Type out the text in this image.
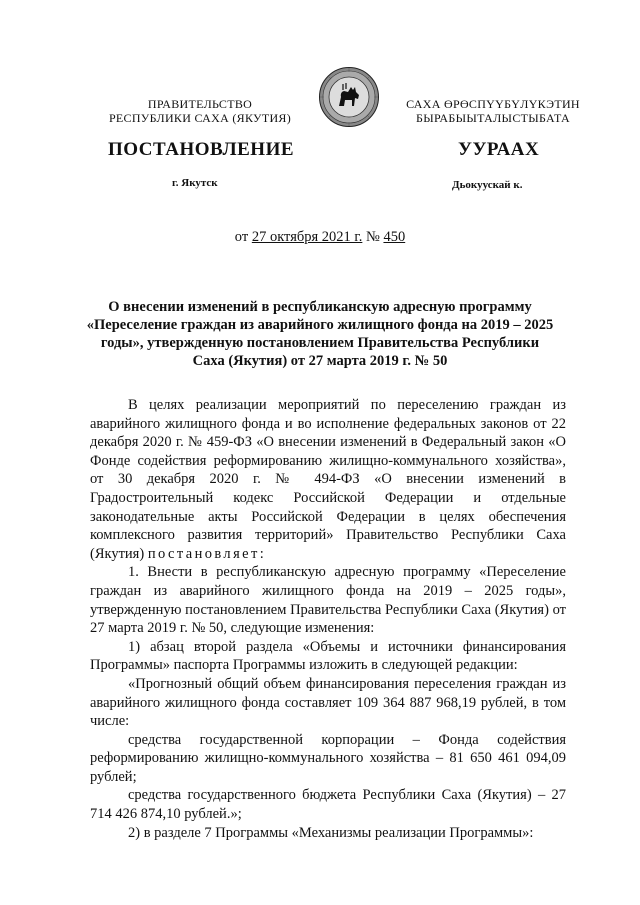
ПРАВИТЕЛЬСТВО
РЕСПУБЛИКИ САХА (ЯКУТИЯ)
САХА ӨРӨСПҮҮБҮЛҮКЭТИН
БЫРАБЫЫТАЛЫСТЫБАТА
ПОСТАНОВЛЕНИЕ	УУРААХ
г. Якутск	Дьокуускай к.
от 27 октября 2021 г. № 450
О внесении изменений в республиканскую адресную программу
«Переселение граждан из аварийного жилищного фонда на 2019 – 2025
годы», утвержденную постановлением Правительства Республики
Саха (Якутия) от 27 марта 2019 г. № 50

В целях реализации мероприятий по переселению граждан из аварийного жилищного фонда и во исполнение федеральных законов от 22 декабря 2020 г. № 459-ФЗ «О внесении изменений в Федеральный закон «О Фонде содействия реформированию жилищно-коммунального хозяйства», от 30 декабря 2020 г. № 494-ФЗ «О внесении изменений в Градостроительный кодекс Российской Федерации и отдельные законодательные акты Российской Федерации в целях обеспечения комплексного развития территорий» Правительство Республики Саха (Якутия) постановляет:

1. Внести в республиканскую адресную программу «Переселение граждан из аварийного жилищного фонда на 2019 – 2025 годы», утвержденную постановлением Правительства Республики Саха (Якутия) от 27 марта 2019 г. № 50, следующие изменения:

1) абзац второй раздела «Объемы и источники финансирования Программы» паспорта Программы изложить в следующей редакции:

«Прогнозный общий объем финансирования переселения граждан из аварийного жилищного фонда составляет 109 364 887 968,19 рублей, в том числе:

средства государственной корпорации – Фонда содействия реформированию жилищно-коммунального хозяйства – 81 650 461 094,09 рублей;

средства государственного бюджета Республики Саха (Якутия) – 27 714 426 874,10 рублей.»;

2) в разделе 7 Программы «Механизмы реализации Программы»:
